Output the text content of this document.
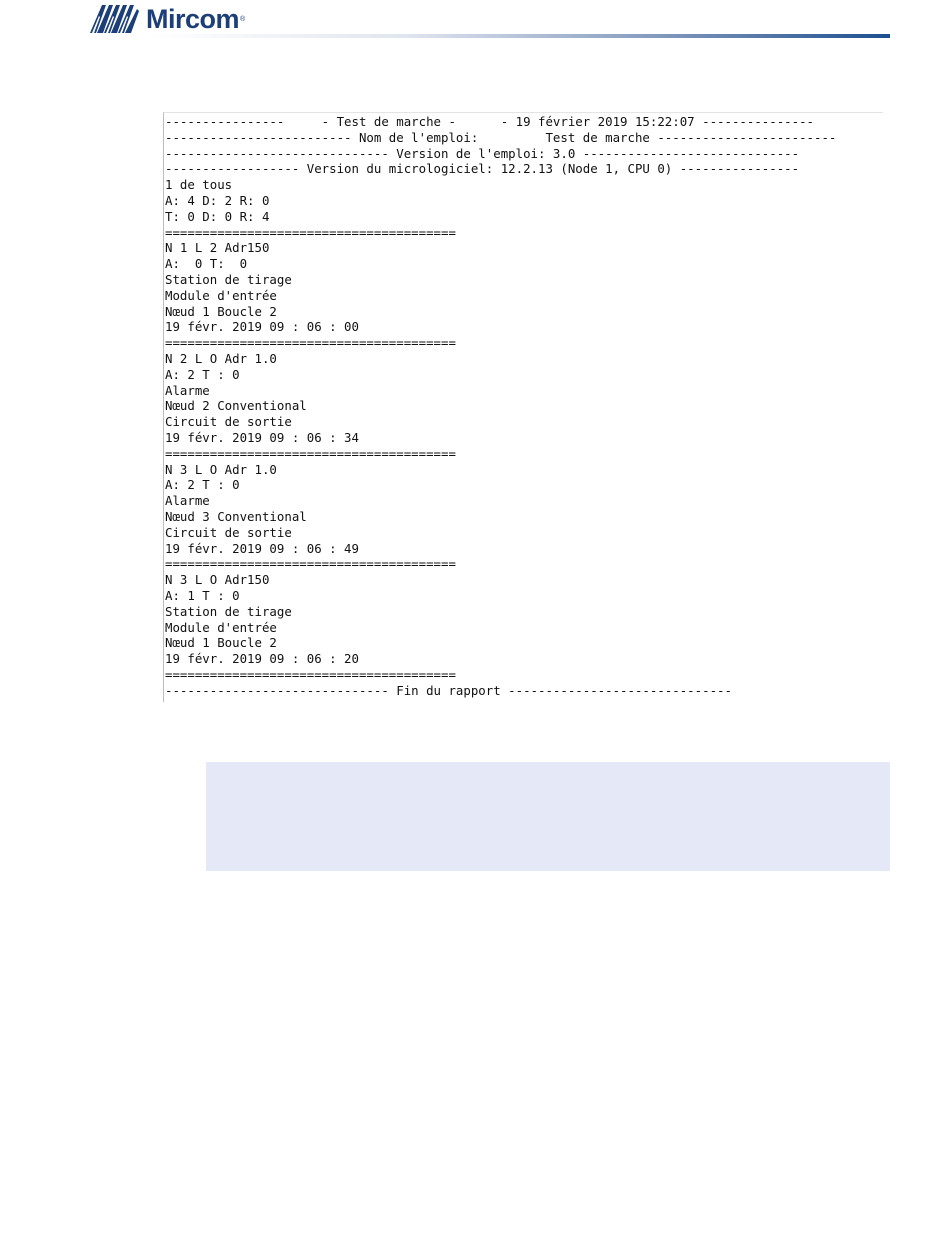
Mircom ®
----------------     - Test de marche -      - 19 février 2019 15:22:07 ---------------
------------------------- Nom de l'emploi:         Test de marche ------------------------
------------------------------ Version de l'emploi: 3.0 -----------------------------
------------------ Version du micrologiciel: 12.2.13 (Node 1, CPU 0) ----------------
1 de tous
A: 4 D: 2 R: 0
T: 0 D: 0 R: 4
=======================================
N 1 L 2 Adr150
A:  0 T:  0
Station de tirage
Module d'entrée
Nœud 1 Boucle 2
19 févr. 2019 09 : 06 : 00
=======================================
N 2 L O Adr 1.0
A: 2 T : 0
Alarme
Nœud 2 Conventional
Circuit de sortie
19 févr. 2019 09 : 06 : 34
=======================================
N 3 L O Adr 1.0
A: 2 T : 0
Alarme
Nœud 3 Conventional
Circuit de sortie
19 févr. 2019 09 : 06 : 49
=======================================
N 3 L O Adr150
A: 1 T : 0
Station de tirage
Module d'entrée
Nœud 1 Boucle 2
19 févr. 2019 09 : 06 : 20
=======================================
------------------------------ Fin du rapport ------------------------------
